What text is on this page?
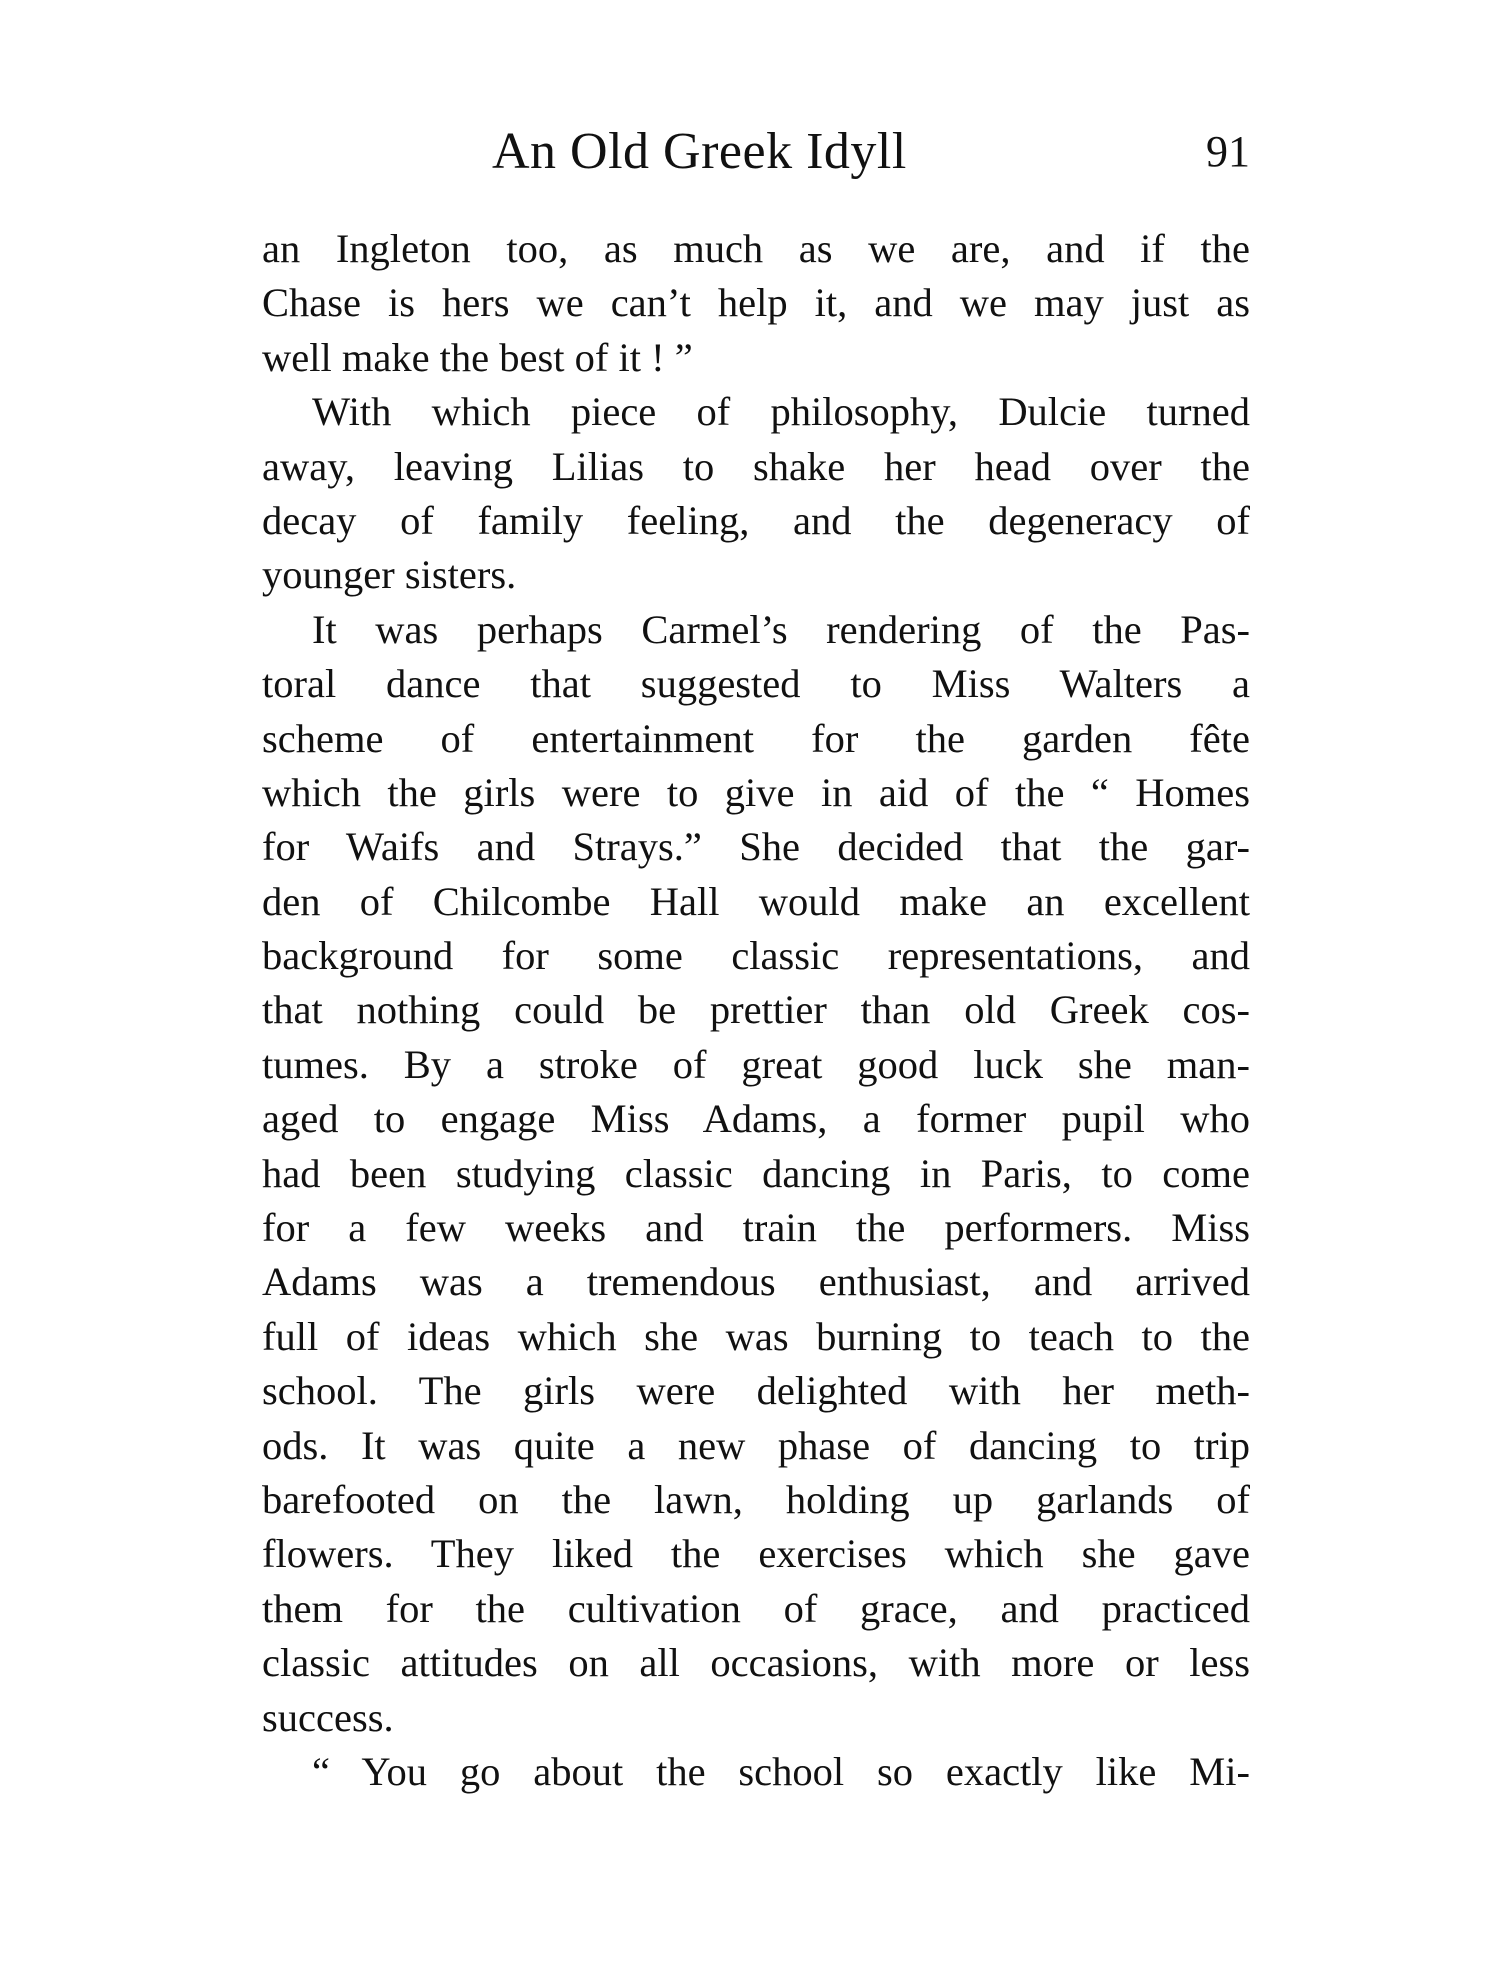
An Old Greek Idyll	91
an Ingleton too, as much as we are, and if the
Chase is hers we can’t help it, and we may just as
well make the best of it ! ”
With which piece of philosophy, Dulcie turned
away, leaving Lilias to shake her head over the
decay of family feeling, and the degeneracy of
younger sisters.
It was perhaps Carmel’s rendering of the Pas-
toral dance that suggested to Miss Walters a
scheme of entertainment for the garden fête
which the girls were to give in aid of the “ Homes
for Waifs and Strays.” She decided that the gar-
den of Chilcombe Hall would make an excellent
background for some classic representations, and
that nothing could be prettier than old Greek cos-
tumes. By a stroke of great good luck she man-
aged to engage Miss Adams, a former pupil who
had been studying classic dancing in Paris, to come
for a few weeks and train the performers. Miss
Adams was a tremendous enthusiast, and arrived
full of ideas which she was burning to teach to the
school. The girls were delighted with her meth-
ods. It was quite a new phase of dancing to trip
barefooted on the lawn, holding up garlands of
flowers. They liked the exercises which she gave
them for the cultivation of grace, and practiced
classic attitudes on all occasions, with more or less
success.
“ You go about the school so exactly like Mi-
